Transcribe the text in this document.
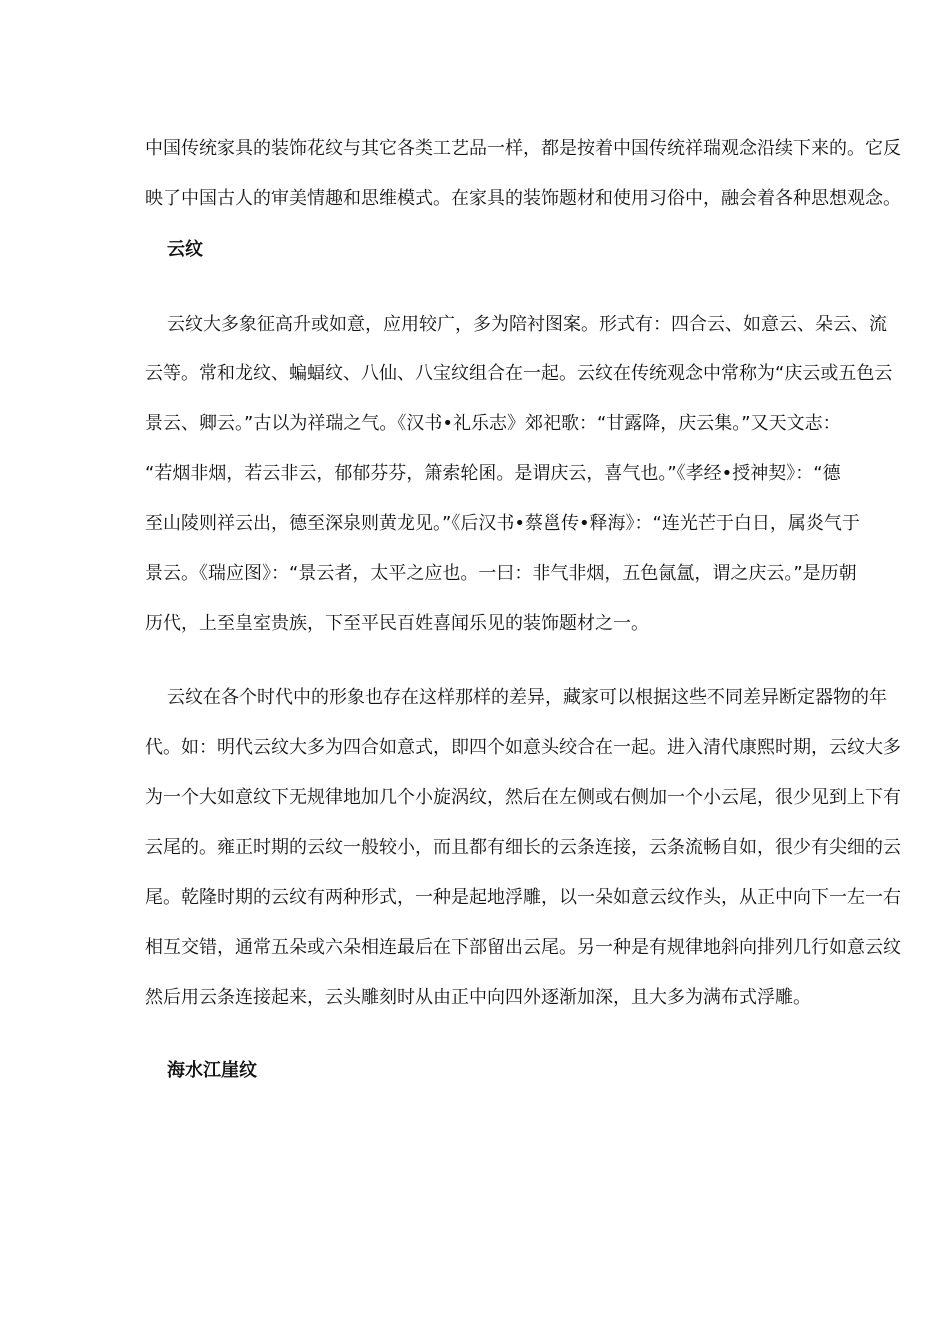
中国传统家具的装饰花纹与其它各类工艺品一样，都是按着中国传统祥瑞观念沿续下来的。它反
映了中国古人的审美情趣和思维模式。在家具的装饰题材和使用习俗中，融会着各种思想观念。
云纹
云纹大多象征高升或如意，应用较广，多为陪衬图案。形式有：四合云、如意云、朵云、流
云等。常和龙纹、蝙蝠纹、八仙、八宝纹组合在一起。云纹在传统观念中常称为“庆云或五色云
景云、卿云。”古以为祥瑞之气。《汉书•礼乐志》郊祀歌：“甘露降，庆云集。”又天文志：
“若烟非烟，若云非云，郁郁芬芬，箫索轮囷。是谓庆云，喜气也。”《孝经•授神契》：“德
至山陵则祥云出，德至深泉则黄龙见。”《后汉书•蔡邕传•释海》：“连光芒于白日，属炎气于
景云。《瑞应图》：“景云者，太平之应也。一曰：非气非烟，五色氤氲，谓之庆云。”是历朝
历代，上至皇室贵族，下至平民百姓喜闻乐见的装饰题材之一。
云纹在各个时代中的形象也存在这样那样的差异，藏家可以根据这些不同差异断定器物的年
代。如：明代云纹大多为四合如意式，即四个如意头绞合在一起。进入清代康熙时期，云纹大多
为一个大如意纹下无规律地加几个小旋涡纹，然后在左侧或右侧加一个小云尾，很少见到上下有
云尾的。雍正时期的云纹一般较小，而且都有细长的云条连接，云条流畅自如，很少有尖细的云
尾。乾隆时期的云纹有两种形式，一种是起地浮雕，以一朵如意云纹作头，从正中向下一左一右
相互交错，通常五朵或六朵相连最后在下部留出云尾。另一种是有规律地斜向排列几行如意云纹
然后用云条连接起来，云头雕刻时从由正中向四外逐渐加深，且大多为满布式浮雕。
海水江崖纹
